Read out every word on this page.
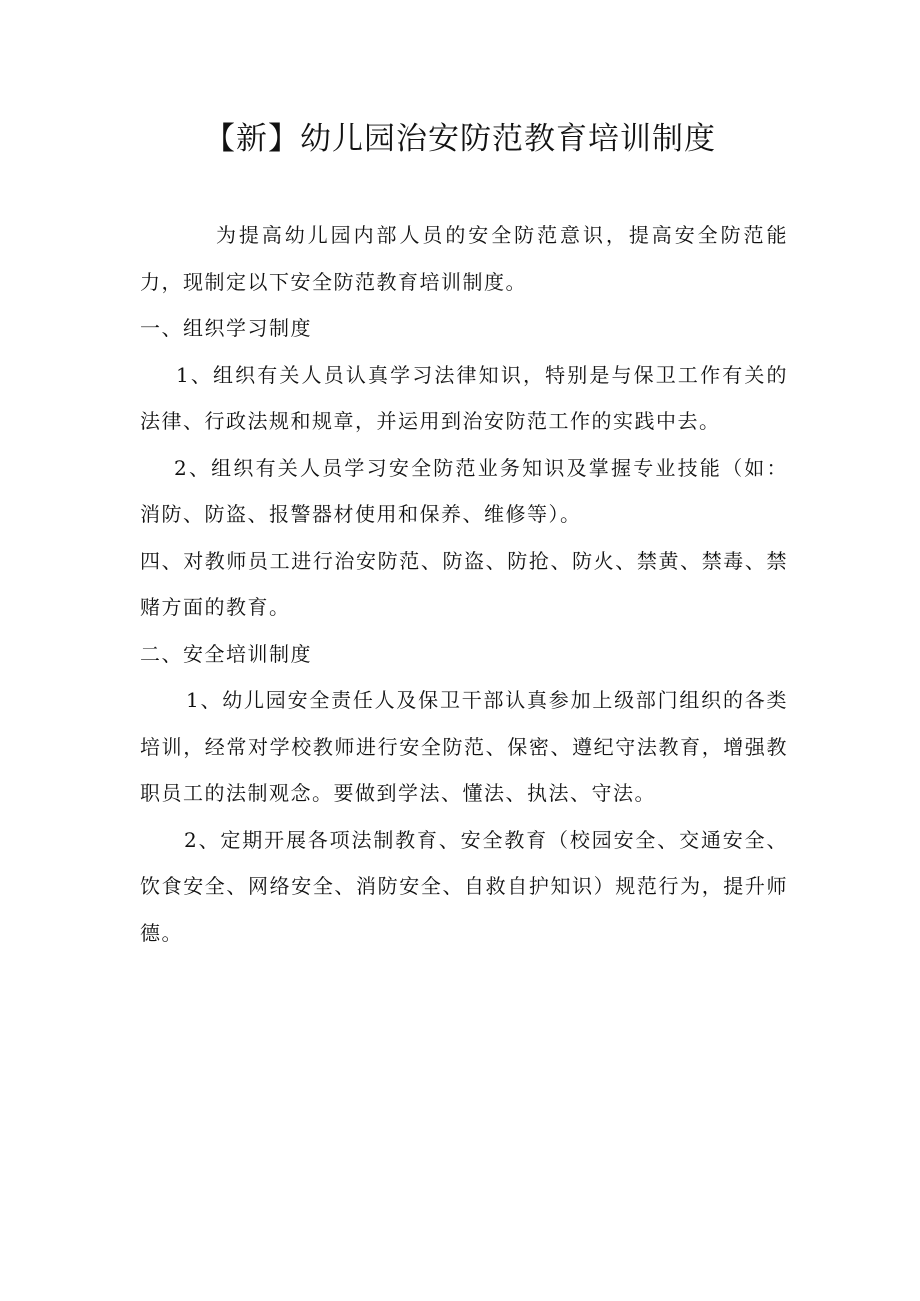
【新】幼儿园治安防范教育培训制度

为提高幼儿园内部人员的安全防范意识，提高安全防范能力，现制定以下安全防范教育培训制度。

一、组织学习制度

1、组织有关人员认真学习法律知识，特别是与保卫工作有关的法律、行政法规和规章，并运用到治安防范工作的实践中去。

2、组织有关人员学习安全防范业务知识及掌握专业技能（如：消防、防盗、报警器材使用和保养、维修等）。

四、对教师员工进行治安防范、防盗、防抢、防火、禁黄、禁毒、禁赌方面的教育。

二、安全培训制度

1、幼儿园安全责任人及保卫干部认真参加上级部门组织的各类培训，经常对学校教师进行安全防范、保密、遵纪守法教育，增强教职员工的法制观念。要做到学法、懂法、执法、守法。

2、定期开展各项法制教育、安全教育（校园安全、交通安全、饮食安全、网络安全、消防安全、自救自护知识）规范行为，提升师德。
